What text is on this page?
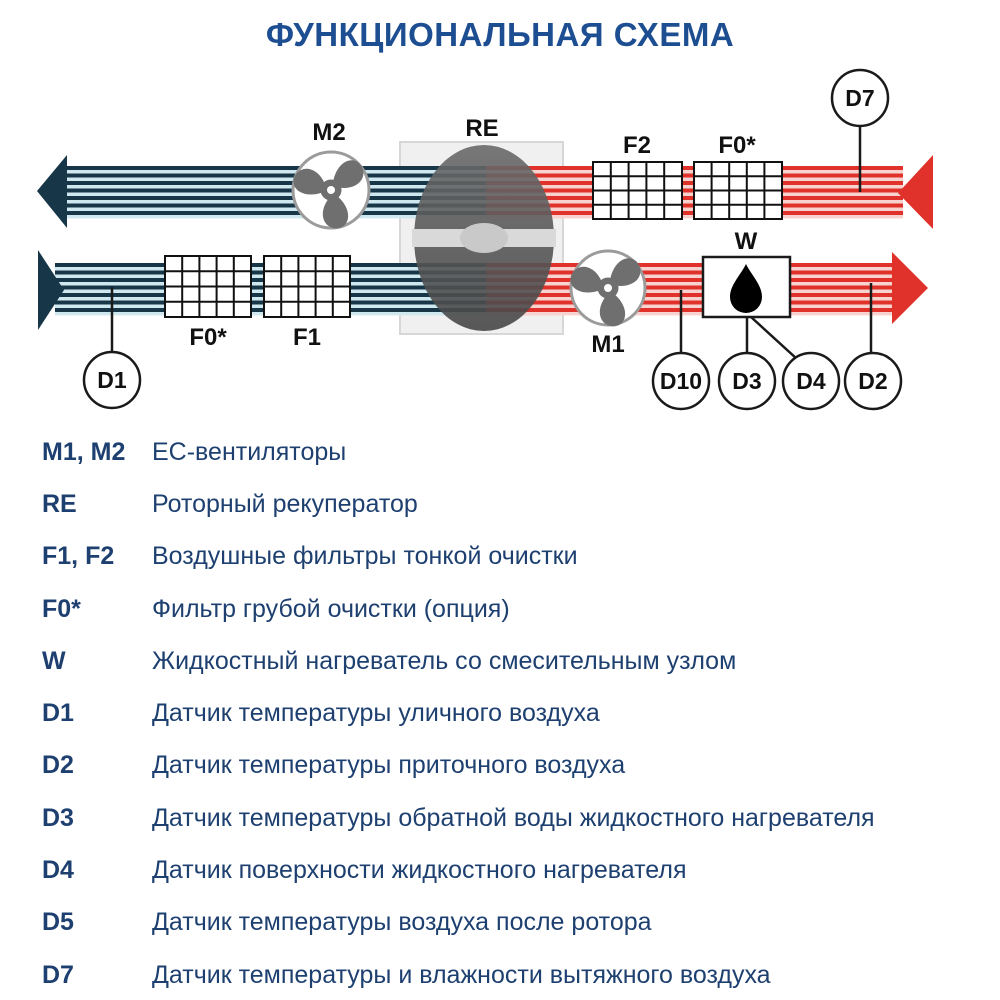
ФУНКЦИОНАЛЬНАЯ СХЕМА
RE
M2
M1
F2	F0*
F0*	F1
W
D1
D7
D10 D3 D4 D2
M1, M2	ЕС-вентиляторы
RE	Роторный рекуператор
F1, F2	Воздушные фильтры тонкой очистки
F0*	Фильтр грубой очистки (опция)
W	Жидкостный нагреватель со смесительным узлом
D1	Датчик температуры уличного воздуха
D2	Датчик температуры приточного воздуха
D3	Датчик температуры обратной воды жидкостного нагревателя
D4	Датчик поверхности жидкостного нагревателя
D5	Датчик температуры воздуха после ротора
D7	Датчик температуры и влажности вытяжного воздуха
